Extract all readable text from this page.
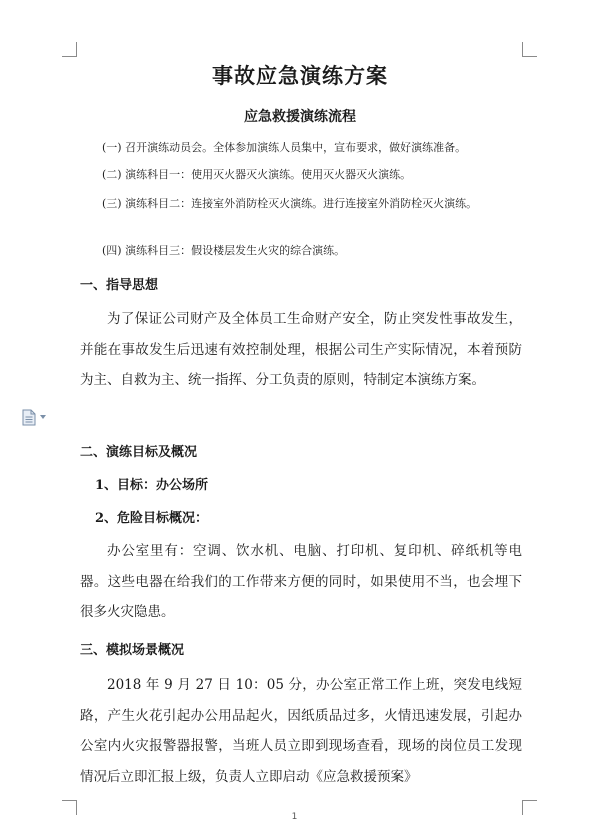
事故应急演练方案
应急救援演练流程

(一) 召开演练动员会。全体参加演练人员集中，宣布要求，做好演练准备。

(二) 演练科目一：使用灭火器灭火演练。使用灭火器灭火演练。

(三) 演练科目二：连接室外消防栓灭火演练。进行连接室外消防栓灭火演练。

(四) 演练科目三：假设楼层发生火灾的综合演练。

一、指导思想

为了保证公司财产及全体员工生命财产安全，防止突发性事故发生，并能在事故发生后迅速有效控制处理，根据公司生产实际情况，本着预防为主、自救为主、统一指挥、分工负责的原则，特制定本演练方案。

二、演练目标及概况
1、目标：办公场所
2、危险目标概况：

办公室里有：空调、饮水机、电脑、打印机、复印机、碎纸机等电器。这些电器在给我们的工作带来方便的同时，如果使用不当，也会埋下很多火灾隐患。

三、模拟场景概况

2018 年 9 月 27 日 10：05 分，办公室正常工作上班，突发电线短路，产生火花引起办公用品起火，因纸质品过多，火情迅速发展，引起办公室内火灾报警器报警，当班人员立即到现场查看，现场的岗位员工发现情况后立即汇报上级，负责人立即启动《应急救援预案》

1
